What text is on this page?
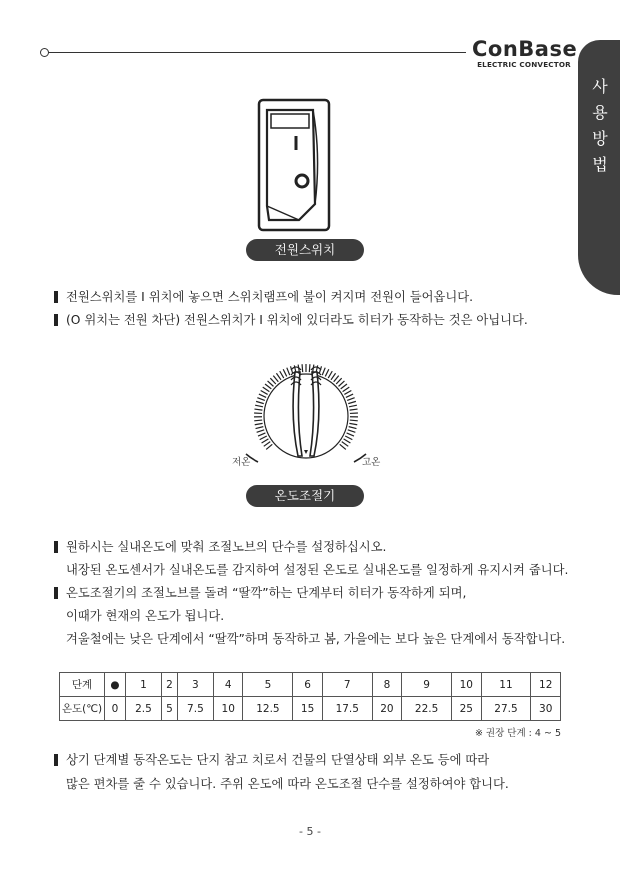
ConBase
ELECTRIC CONVECTOR
사
용
방
법
전원스위치
전원스위치를 I 위치에 놓으면 스위치램프에 불이 켜지며 전원이 들어옵니다.
(O 위치는 전원 차단) 전원스위치가 I 위치에 있더라도 히터가 동작하는 것은 아닙니다.
저온	고온
온도조절기
원하시는 실내온도에 맞춰 조절노브의 단수를 설정하십시오.
내장된 온도센서가 실내온도를 감지하여 설정된 온도로 실내온도를 일정하게 유지시켜 줍니다.
온도조절기의 조절노브를 돌려 “딸깍”하는 단계부터 히터가 동작하게 되며,
이때가 현재의 온도가 됩니다.
겨울철에는 낮은 단계에서 “딸깍”하며 동작하고 봄, 가을에는 보다 높은 단계에서 동작합니다.
단계	●	1	2	3	4	5	6	7	8	9	10	11	12
온도(℃)	0	2.5	5	7.5	10	12.5	15	17.5	20	22.5	25	27.5	30
※ 권장 단계 : 4 ~ 5
상기 단계별 동작온도는 단지 참고 치로서 건물의 단열상태 외부 온도 등에 따라
많은 편차를 줄 수 있습니다. 주위 온도에 따라 온도조절 단수를 설정하여야 합니다.
- 5 -
